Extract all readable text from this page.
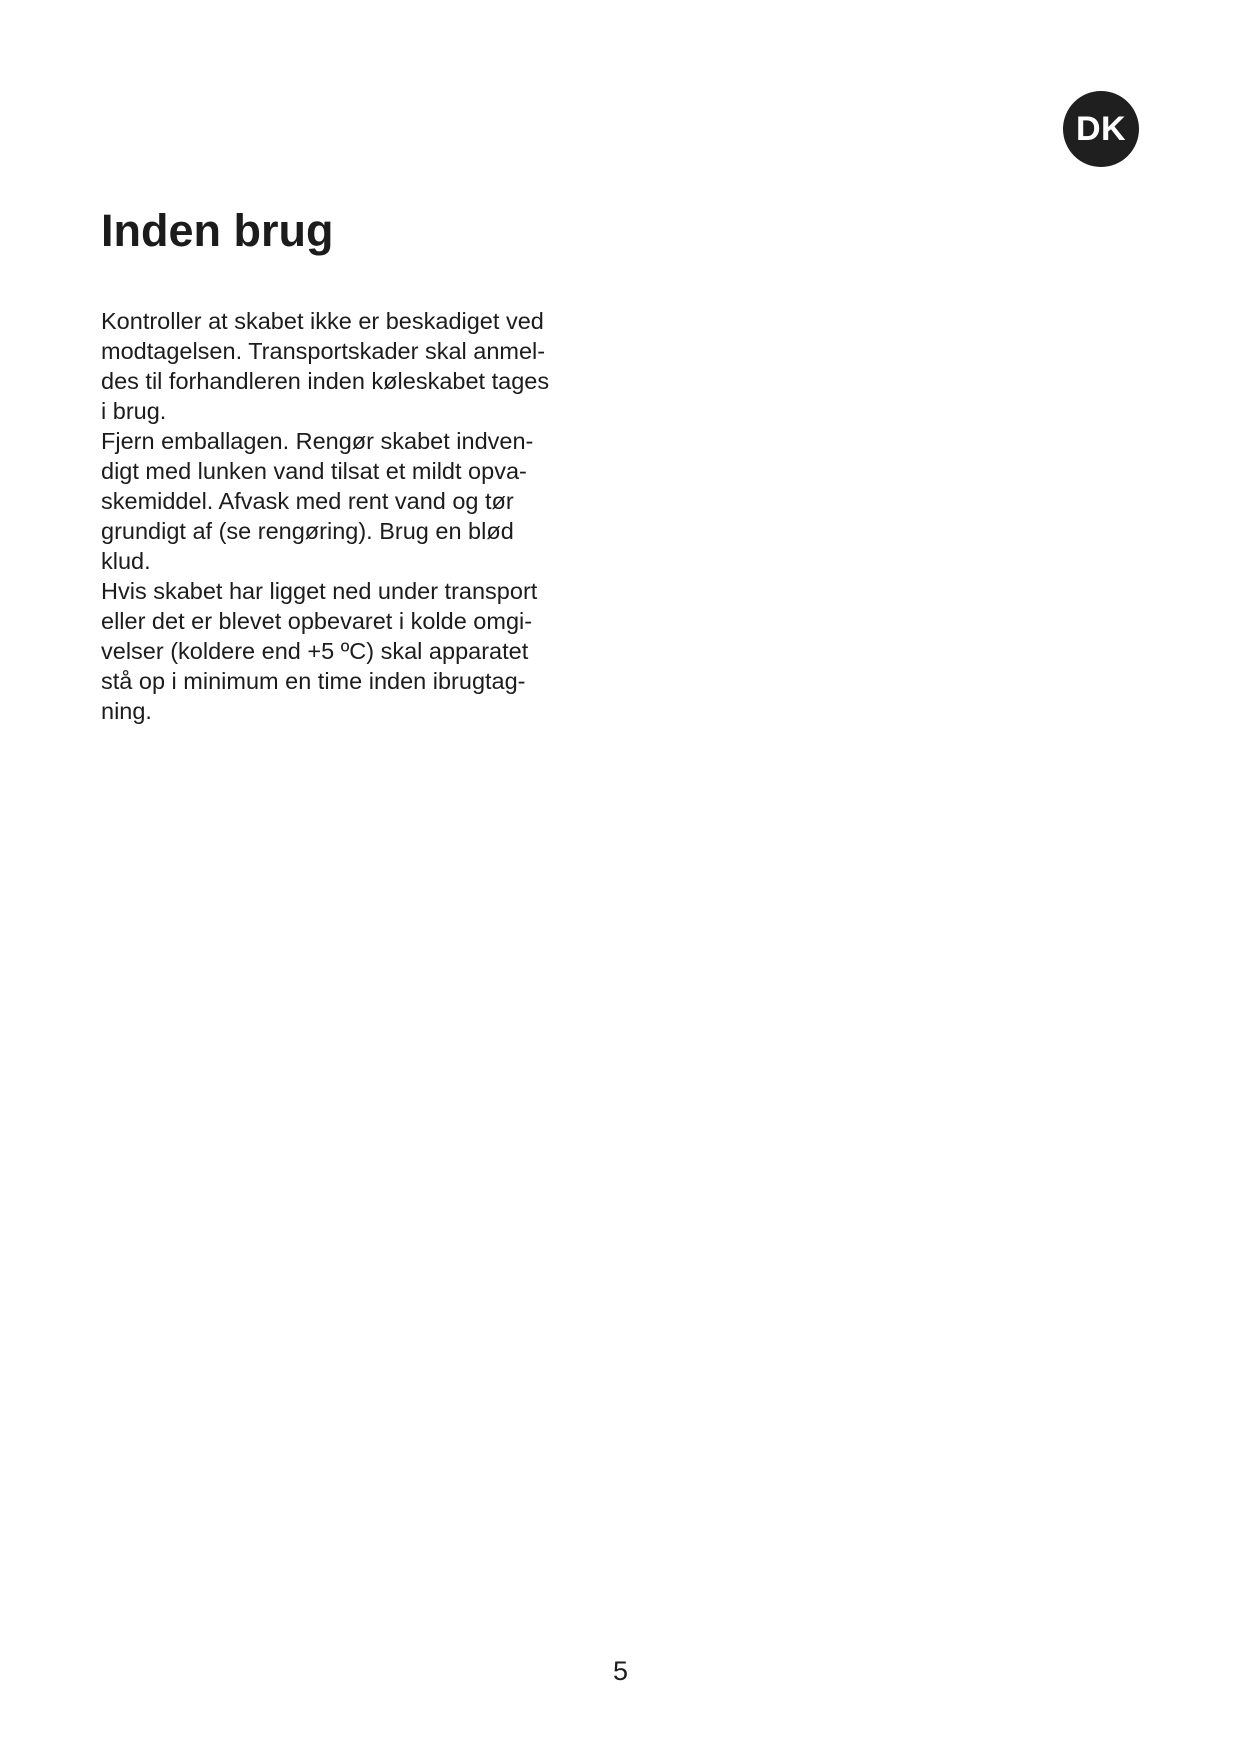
DK
Inden brug

Kontroller at skabet ikke er beskadiget ved
modtagelsen. Transportskader skal anmel-
des til forhandleren inden køleskabet tages
i brug.

Fjern emballagen. Rengør skabet indven-
digt med lunken vand tilsat et mildt opva-
skemiddel. Afvask med rent vand og tør
grundigt af (se rengøring). Brug en blød
klud.

Hvis skabet har ligget ned under transport
eller det er blevet opbevaret i kolde omgi-
velser (koldere end +5 ºC) skal apparatet
stå op i minimum en time inden ibrugtag-
ning.

5
